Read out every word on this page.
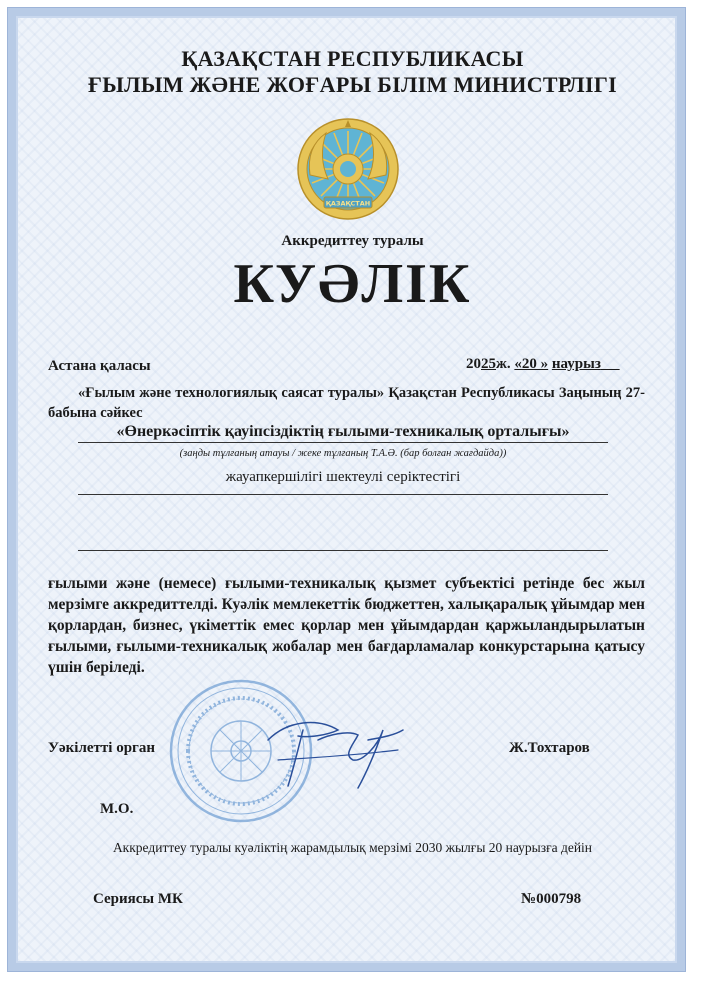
ҚАЗАҚСТАН РЕСПУБЛИКАСЫ
ҒЫЛЫМ ЖӘНЕ ЖОҒАРЫ БІЛІМ МИНИСТРЛІГІ
ҚАЗАҚСТАН
Аккредиттеу туралы
КУӘЛІК
Астана қаласы	2025ж. «20 » наурыз
«Ғылым және технологиялық саясат туралы» Қазақстан Республикасы Заңының 27-бабына сәйкес
«Өнеркәсіптік қауіпсіздіктің ғылыми-техникалық орталығы»
(заңды тұлғаның атауы / жеке тұлғаның Т.А.Ә. (бар болған жағдайда))
жауапкершілігі шектеулі серіктестігі
ғылыми және (немесе) ғылыми-техникалық қызмет субъектісі ретінде бес жыл мерзімге аккредиттелді. Куәлік мемлекеттік бюджеттен, халықаралық ұйымдар мен қорлардан, бизнес, үкіметтік емес қорлар мен ұйымдардан қаржыландырылатын ғылыми, ғылыми-техникалық жобалар мен бағдарламалар конкурстарына қатысу үшін беріледі.
Уәкілетті орган	Ж.Тохтаров
М.О.
Аккредиттеу туралы куәліктің жарамдылық мерзімі 2030 жылғы 20 наурызға дейін
Сериясы МК	№000798
